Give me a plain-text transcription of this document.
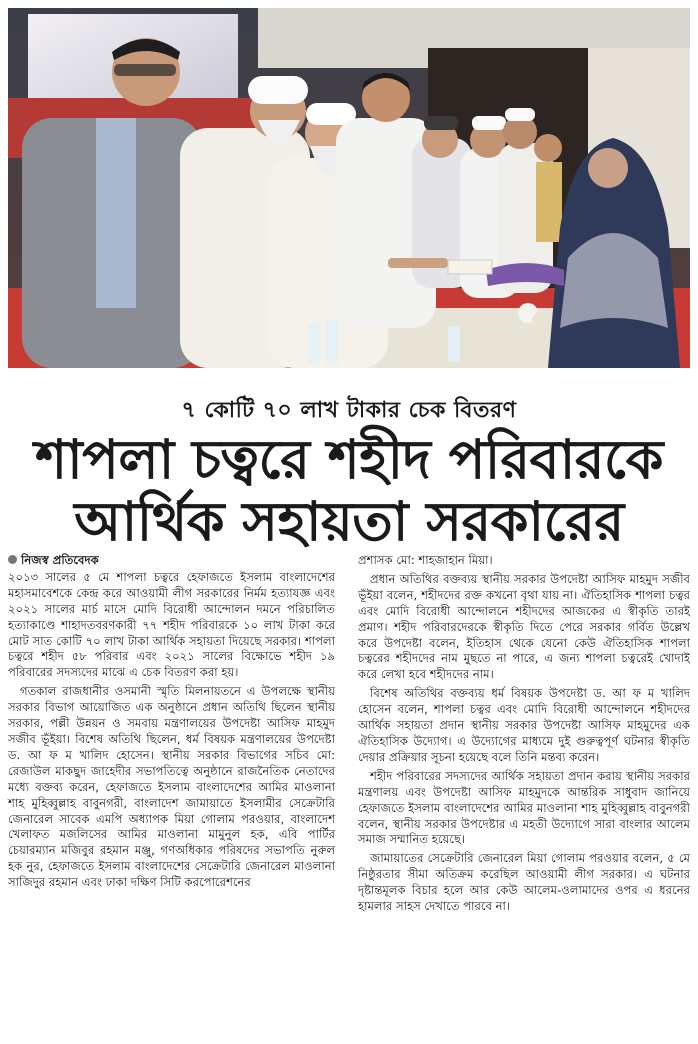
৭ কোটি ৭০ লাখ টাকার চেক বিতরণ
শাপলা চত্বরে শহীদ পরিবারকে
আর্থিক সহায়তা সরকারের
নিজস্ব প্রতিবেদক

২০১৩ সালের ৫ মে শাপলা চত্বরে হেফাজতে ইসলাম বাংলাদেশের মহাসমাবেশকে কেন্দ্র করে আওয়ামী লীগ সরকারের নির্মম হত্যাযজ্ঞ এবং ২০২১ সালের মার্চ মাসে মোদি বিরোধী আন্দোলন দমনে পরিচালিত হত্যাকাণ্ডে শাহাদতবরণকারী ৭৭ শহীদ পরিবারকে ১০ লাখ টাকা করে মোট সাত কোটি ৭০ লাখ টাকা আর্থিক সহায়তা দিয়েছে সরকার। শাপলা চত্বরে শহীদ ৫৮ পরিবার এবং ২০২১ সালের বিক্ষোভে শহীদ ১৯ পরিবারের সদস্যদের মাঝে এ চেক বিতরণ করা হয়।

গতকাল রাজধানীর ওসমানী স্মৃতি মিলনায়তনে এ উপলক্ষে স্থানীয় সরকার বিভাগ আয়োজিত এক অনুষ্ঠানে প্রধান অতিথি ছিলেন স্থানীয় সরকার, পল্লী উন্নয়ন ও সমবায় মন্ত্রণালয়ের উপদেষ্টা আসিফ মাহমুদ সজীব ভূঁইয়া। বিশেষ অতিথি ছিলেন, ধর্ম বিষয়ক মন্ত্রণালয়ের উপদেষ্টা ড. আ ফ ম খালিদ হোসেন। স্থানীয় সরকার বিভাগের সচিব মো: রেজাউল মাকছুদ জাহেদীর সভাপতিত্বে অনুষ্ঠানে রাজনৈতিক নেতাদের মধ্যে বক্তব্য করেন, হেফাজতে ইসলাম বাংলাদেশের আমির মাওলানা শাহ মুহিব্বুল্লাহ বাবুনগরী, বাংলাদেশ জামায়াতে ইসলামীর সেক্রেটারি জেনারেল সাবেক এমপি অধ্যাপক মিয়া গোলাম পরওয়ার, বাংলাদেশ খেলাফত মজলিসের আমির মাওলানা মামুনুল হক, এবি পার্টির চেয়ারম্যান মজিবুর রহমান মঞ্জু, গণঅধিকার পরিষদের সভাপতি নুরুল হক নুর, হেফাজতে ইসলাম বাংলাদেশের সেক্রেটারি জেনারেল মাওলানা সাজিদুর রহমান এবং ঢাকা দক্ষিণ সিটি করপোরেশনের

প্রশাসক মো: শাহজাহান মিয়া।

প্রধান অতিথির বক্তব্যয় স্থানীয় সরকার উপদেষ্টা আসিফ মাহমুদ সজীব ভূঁইয়া বলেন, শহীদদের রক্ত কখনো বৃথা যায় না। ঐতিহাসিক শাপলা চত্বর এবং মোদি বিরোধী আন্দোলনে শহীদদের আজকের এ স্বীকৃতি তারই প্রমাণ। শহীদ পরিবারদেরকে স্বীকৃতি দিতে পেরে সরকার গর্বিত উল্লেখ করে উপদেষ্টা বলেন, ইতিহাস থেকে যেনো কেউ ঐতিহাসিক শাপলা চত্বরের শহীদদের নাম মুছতে না পারে, এ জন্য শাপলা চত্বরেই খোদাই করে লেখা হবে শহীদদের নাম।

বিশেষ অতিথির বক্তব্যয় ধর্ম বিষয়ক উপদেষ্টা ড. আ ফ ম খালিদ হোসেন বলেন, শাপলা চত্বর এবং মোদি বিরোধী আন্দোলনে শহীদদের আর্থিক সহায়তা প্রদান স্থানীয় সরকার উপদেষ্টা আসিফ মাহমুদের এক ঐতিহাসিক উদ্যোগ। এ উদ্যোগের মাধ্যমে দুই গুরুত্বপূর্ণ ঘটনার স্বীকৃতি দেয়ার প্রক্রিয়ার সূচনা হয়েছে বলে তিনি মন্তব্য করেন।

শহীদ পরিবারের সদস্যদের আর্থিক সহায়তা প্রদান করায় স্থানীয় সরকার মন্ত্রণালয় এবং উপদেষ্টা আসিফ মাহমুদকে আন্তরিক সাধুবাদ জানিয়ে হেফাজতে ইসলাম বাংলাদেশের আমির মাওলানা শাহ মুহিব্বুল্লাহ বাবুনগরী বলেন, স্থানীয় সরকার উপদেষ্টার এ মহতী উদ্যোগে সারা বাংলার আলেম সমাজ সম্মানিত হয়েছে।

জামায়াতের সেক্রেটারি জেনারেল মিয়া গোলাম পরওয়ার বলেন, ৫ মে নিষ্ঠুরতার সীমা অতিক্রম করেছিল আওয়ামী লীগ সরকার। এ ঘটনার দৃষ্টান্তমূলক বিচার হলে আর কেউ আলেম-ওলামাদের ওপর এ ধরনের হামলার সাহস দেখাতে পারবে না।
